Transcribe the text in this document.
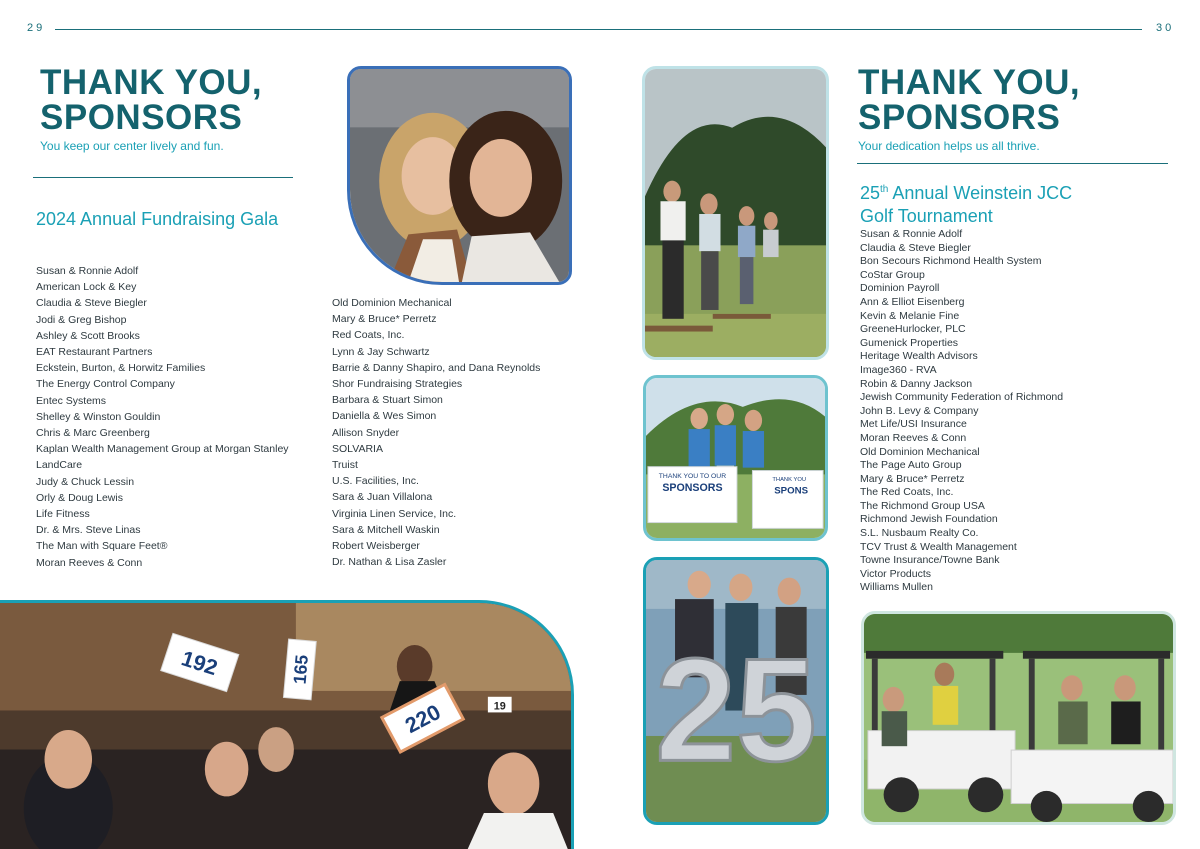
29	30
THANK YOU,
SPONSORS
You keep our center lively and fun.
2024 Annual Fundraising Gala
Susan & Ronnie Adolf
American Lock & Key
Claudia & Steve Biegler
Jodi & Greg Bishop
Ashley & Scott Brooks
EAT Restaurant Partners
Eckstein, Burton, & Horwitz Families
The Energy Control Company
Entec Systems
Shelley & Winston Gouldin
Chris & Marc Greenberg
Kaplan Wealth Management Group at Morgan Stanley
LandCare
Judy & Chuck Lessin
Orly & Doug Lewis
Life Fitness
Dr. & Mrs. Steve Linas
The Man with Square Feet®
Moran Reeves & Conn
Old Dominion Mechanical
Mary & Bruce* Perretz
Red Coats, Inc.
Lynn & Jay Schwartz
Barrie & Danny Shapiro, and Dana Reynolds
Shor Fundraising Strategies
Barbara & Stuart Simon
Daniella & Wes Simon
Allison Snyder
SOLVARIA
Truist
U.S. Facilities, Inc.
Sara & Juan Villalona
Virginia Linen Service, Inc.
Sara & Mitchell Waskin
Robert Weisberger
Dr. Nathan & Lisa Zasler
192	165
220	19
THANK YOU TO OUR
SPONSORS
THANK YOU
SPONS
25
THANK YOU,
SPONSORS
Your dedication helps us all thrive.
25th Annual Weinstein JCC
Golf Tournament
Susan & Ronnie Adolf
Claudia & Steve Biegler
Bon Secours Richmond Health System
CoStar Group
Dominion Payroll
Ann & Elliot Eisenberg
Kevin & Melanie Fine
GreeneHurlocker, PLC
Gumenick Properties
Heritage Wealth Advisors
Image360 - RVA
Robin & Danny Jackson
Jewish Community Federation of Richmond
John B. Levy & Company
Met Life/USI Insurance
Moran Reeves & Conn
Old Dominion Mechanical
The Page Auto Group
Mary & Bruce* Perretz
The Red Coats, Inc.
The Richmond Group USA
Richmond Jewish Foundation
S.L. Nusbaum Realty Co.
TCV Trust & Wealth Management
Towne Insurance/Towne Bank
Victor Products
Williams Mullen
